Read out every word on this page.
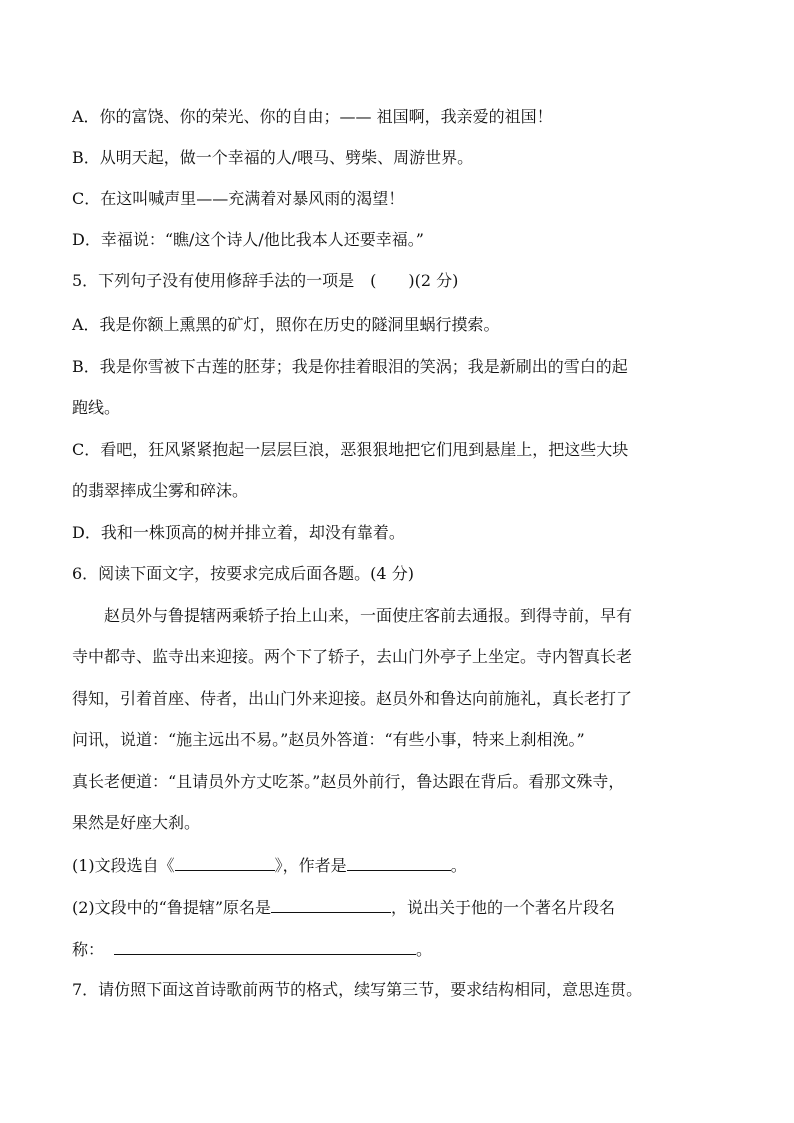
A．你的富饶、你的荣光、你的自由；—— 祖国啊，我亲爱的祖国！
B．从明天起，做一个幸福的人/喂马、劈柴、周游世界。
C．在这叫喊声里——充满着对暴风雨的渴望！
D．幸福说：“瞧/这个诗人/他比我本人还要幸福。”
5．下列句子没有使用修辞手法的一项是　(　　)(2 分)
A．我是你额上熏黑的矿灯，照你在历史的隧洞里蜗行摸索。
B．我是你雪被下古莲的胚芽；我是你挂着眼泪的笑涡；我是新刷出的雪白的起
跑线。
C．看吧，狂风紧紧抱起一层层巨浪，恶狠狠地把它们甩到悬崖上，把这些大块
的翡翠摔成尘雾和碎沫。
D．我和一株顶高的树并排立着，却没有靠着。
6．阅读下面文字，按要求完成后面各题。(4 分)
赵员外与鲁提辖两乘轿子抬上山来，一面使庄客前去通报。到得寺前，早有
寺中都寺、监寺出来迎接。两个下了轿子，去山门外亭子上坐定。寺内智真长老
得知，引着首座、侍者，出山门外来迎接。赵员外和鲁达向前施礼，真长老打了
问讯，说道：“施主远出不易。”赵员外答道：“有些小事，特来上刹相浼。”
真长老便道：“且请员外方丈吃茶。”赵员外前行，鲁达跟在背后。看那文殊寺，
果然是好座大刹。
(1)文段选自《	》，作者是	。
(2)文段中的“鲁提辖”原名是	，说出关于他的一个著名片段名
称：	。
7．请仿照下面这首诗歌前两节的格式，续写第三节，要求结构相同，意思连贯。
